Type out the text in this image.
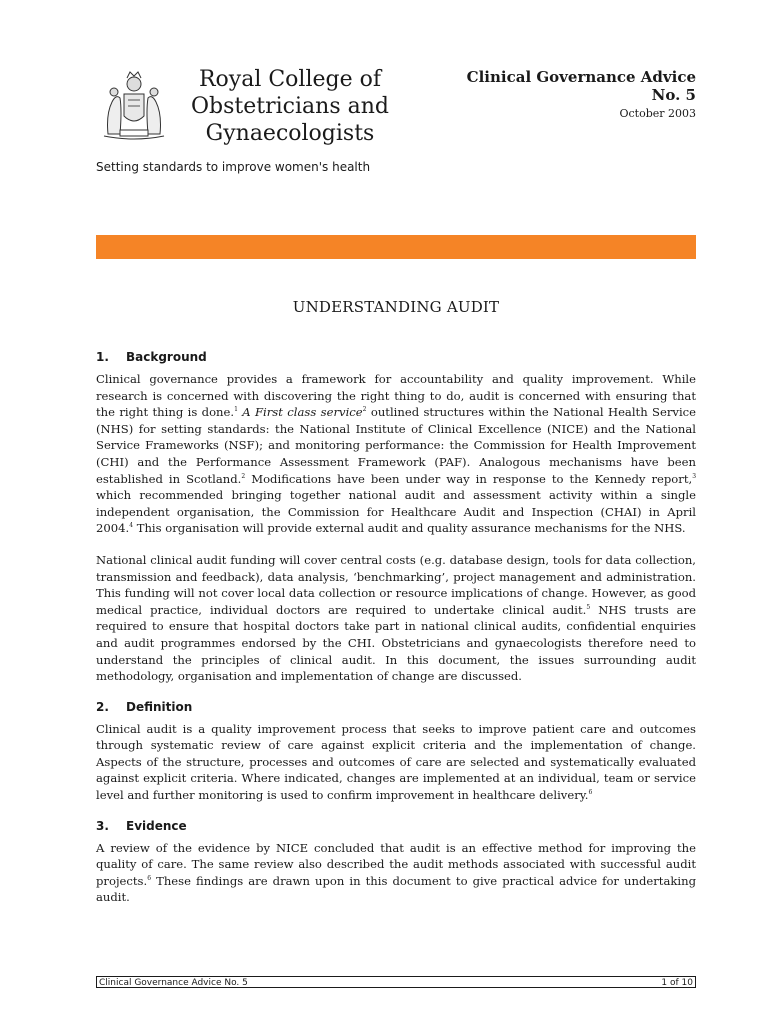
Royal College of
Obstetricians and
Gynaecologists
Setting standards to improve women's health
Clinical Governance Advice
No. 5
October 2003
UNDERSTANDING AUDIT
1.	Background

Clinical governance provides a framework for accountability and quality improvement. While research is concerned with discovering the right thing to do, audit is concerned with ensuring that the right thing is done.$^1$ A First class service$^2$ outlined structures within the National Health Service (NHS) for setting standards: the National Institute of Clinical Excellence (NICE) and the National Service Frameworks (NSF); and monitoring performance: the Commission for Health Improvement (CHI) and the Performance Assessment Framework (PAF). Analogous mechanisms have been established in Scotland.$^2$ Modifications have been under way in response to the Kennedy report,$^3$ which recommended bringing together national audit and assessment activity within a single independent organisation, the Commission for Healthcare Audit and Inspection (CHAI) in April 2004.$^4$ This organisation will provide external audit and quality assurance mechanisms for the NHS.

National clinical audit funding will cover central costs (e.g. database design, tools for data collection, transmission and feedback), data analysis, ‘benchmarking’, project management and administration. This funding will not cover local data collection or resource implications of change. However, as good medical practice, individual doctors are required to undertake clinical audit.$^5$ NHS trusts are required to ensure that hospital doctors take part in national clinical audits, confidential enquiries and audit programmes endorsed by the CHI. Obstetricians and gynaecologists therefore need to understand the principles of clinical audit. In this document, the issues surrounding audit methodology, organisation and implementation of change are discussed.

2.	Definition

Clinical audit is a quality improvement process that seeks to improve patient care and outcomes through systematic review of care against explicit criteria and the implementation of change. Aspects of the structure, processes and outcomes of care are selected and systematically evaluated against explicit criteria. Where indicated, changes are implemented at an individual, team or service level and further monitoring is used to confirm improvement in healthcare delivery.$^6$

3.	Evidence

A review of the evidence by NICE concluded that audit is an effective method for improving the quality of care. The same review also described the audit methods associated with successful audit projects.$^6$ These findings are drawn upon in this document to give practical advice for undertaking audit.

Clinical Governance Advice No. 5	1 of 10
